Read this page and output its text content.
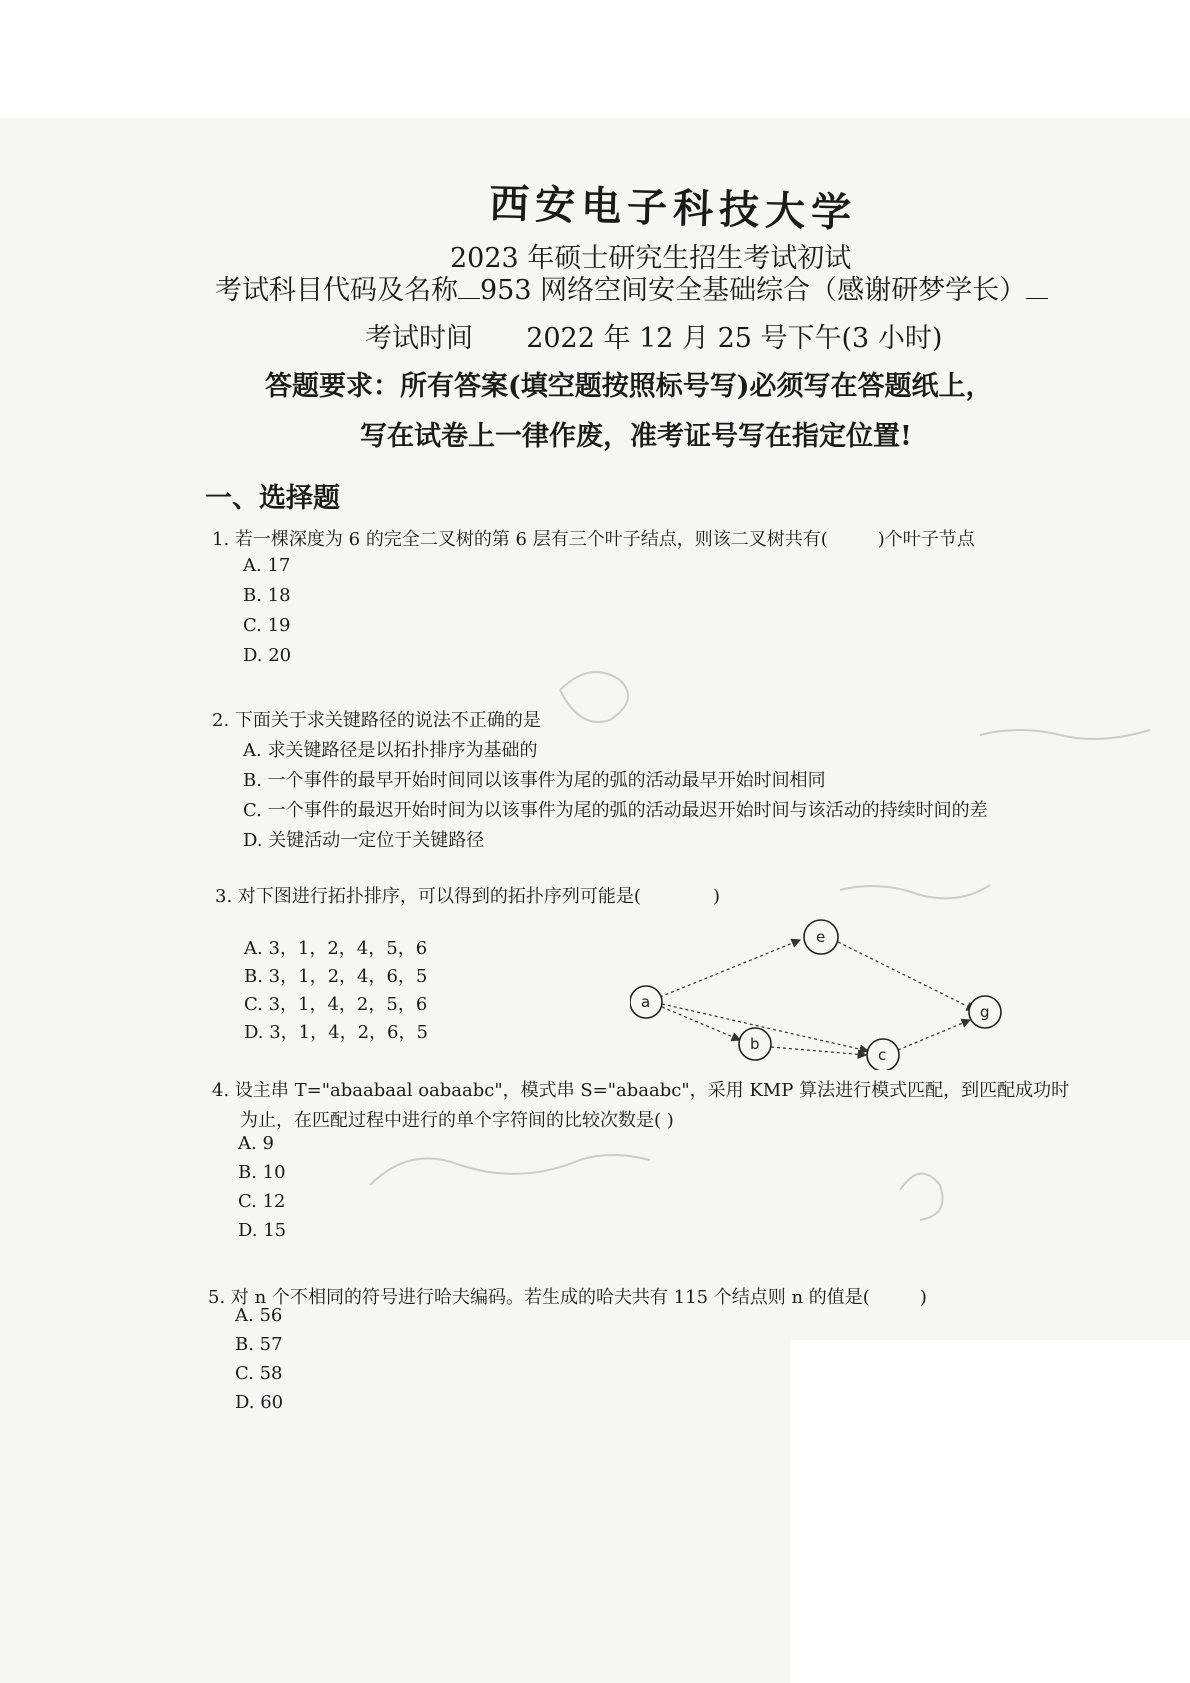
西安电子科技大学
2023 年硕士研究生招生考试初试
考试科目代码及名称 953 网络空间安全基础综合（感谢研梦学长）
考试时间 2022 年 12 月 25 号下午(3 小时)
答题要求：所有答案(填空题按照标号写)必须写在答题纸上，
写在试卷上一律作废，准考证号写在指定位置!
一、选择题
1. 若一棵深度为 6 的完全二叉树的第 6 层有三个叶子结点，则该二叉树共有(	)个叶子节点
A. 17
B. 18
C. 19
D. 20
2. 下面关于求关键路径的说法不正确的是
A. 求关键路径是以拓扑排序为基础的
B. 一个事件的最早开始时间同以该事件为尾的弧的活动最早开始时间相同
C. 一个事件的最迟开始时间为以该事件为尾的弧的活动最迟开始时间与该活动的持续时间的差
D. 关键活动一定位于关键路径
3. 对下图进行拓扑排序，可以得到的拓扑序列可能是(	)
A. 3，1，2，4，5，6
B. 3，1，2，4，6，5
C. 3，1，4，2，5，6
D. 3，1，4，2，6，5
a
b
c
e
g
4. 设主串 T="abaabaal oabaabc"，模式串 S="abaabc"，采用 KMP 算法进行模式匹配，到匹配成功时
为止，在匹配过程中进行的单个字符间的比较次数是( )
A. 9
B. 10
C. 12
D. 15
5. 对 n 个不相同的符号进行哈夫编码。若生成的哈夫共有 115 个结点则 n 的值是(	)
A. 56
B. 57
C. 58
D. 60
